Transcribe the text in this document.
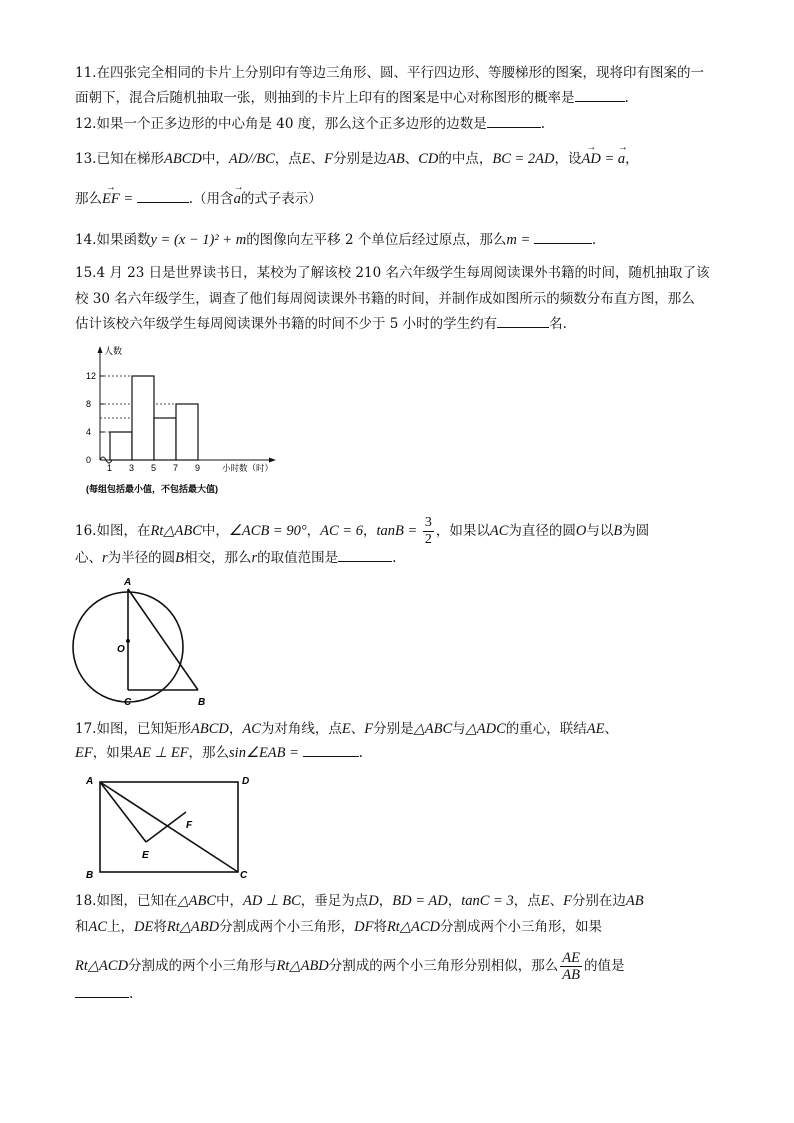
11.在四张完全相同的卡片上分别印有等边三角形、圆、平行四边形、等腰梯形的图案，现将印有图案的一
面朝下，混合后随机抽取一张，则抽到的卡片上印有的图案是中心对称图形的概率是	.
12.如果一个正多边形的中心角是 40 度，那么这个正多边形的边数是	.
13.已知在梯形ABCD中，AD//BC，点E、F分别是边AB、CD的中点，BC = 2AD，设→ AD = → a，
那么→ EF =	.（用含→ a的式子表示）
14.如果函数y = (x − 1)² + m的图像向左平移 2 个单位后经过原点，那么m =	.
15.4 月 23 日是世界读书日，某校为了解该校 210 名六年级学生每周阅读课外书籍的时间，随机抽取了该
校 30 名六年级学生，调查了他们每周阅读课外书籍的时间，并制作成如图所示的频数分布直方图，那么
估计该校六年级学生每周阅读课外书籍的时间不少于 5 小时的学生约有	名.
人数
小时数（时）
0
4
8
12
1 3 5 7 9
(每组包括最小值，不包括最大值)
16.如图，在Rt△ABC中，∠ACB = 90°，AC = 6，$\tan B = \frac{3}{2}$ ，如果以AC为直径的圆O与以B为圆
心、r为半径的圆B相交，那么r的取值范围是	.
A
O
C	B
17.如图，已知矩形ABCD，AC为对角线，点E、F分别是△ABC与△ADC的重心，联结AE、
EF，如果AE ⊥ EF，那么sin∠EAB =	.
A	D
B	C
E
F
18.如图，已知在△ABC中，AD ⊥ BC，垂足为点D，BD = AD，tanC = 3，点E、F分别在边AB
和AC上，DE将Rt△ABD分割成两个小三角形，DF将Rt△ACD分割成两个小三角形，如果
Rt△ACD分割成的两个小三角形与Rt△ABD分割成的两个小三角形分别相似，那么 $\frac{AE}{AB}$ 的值是
.
